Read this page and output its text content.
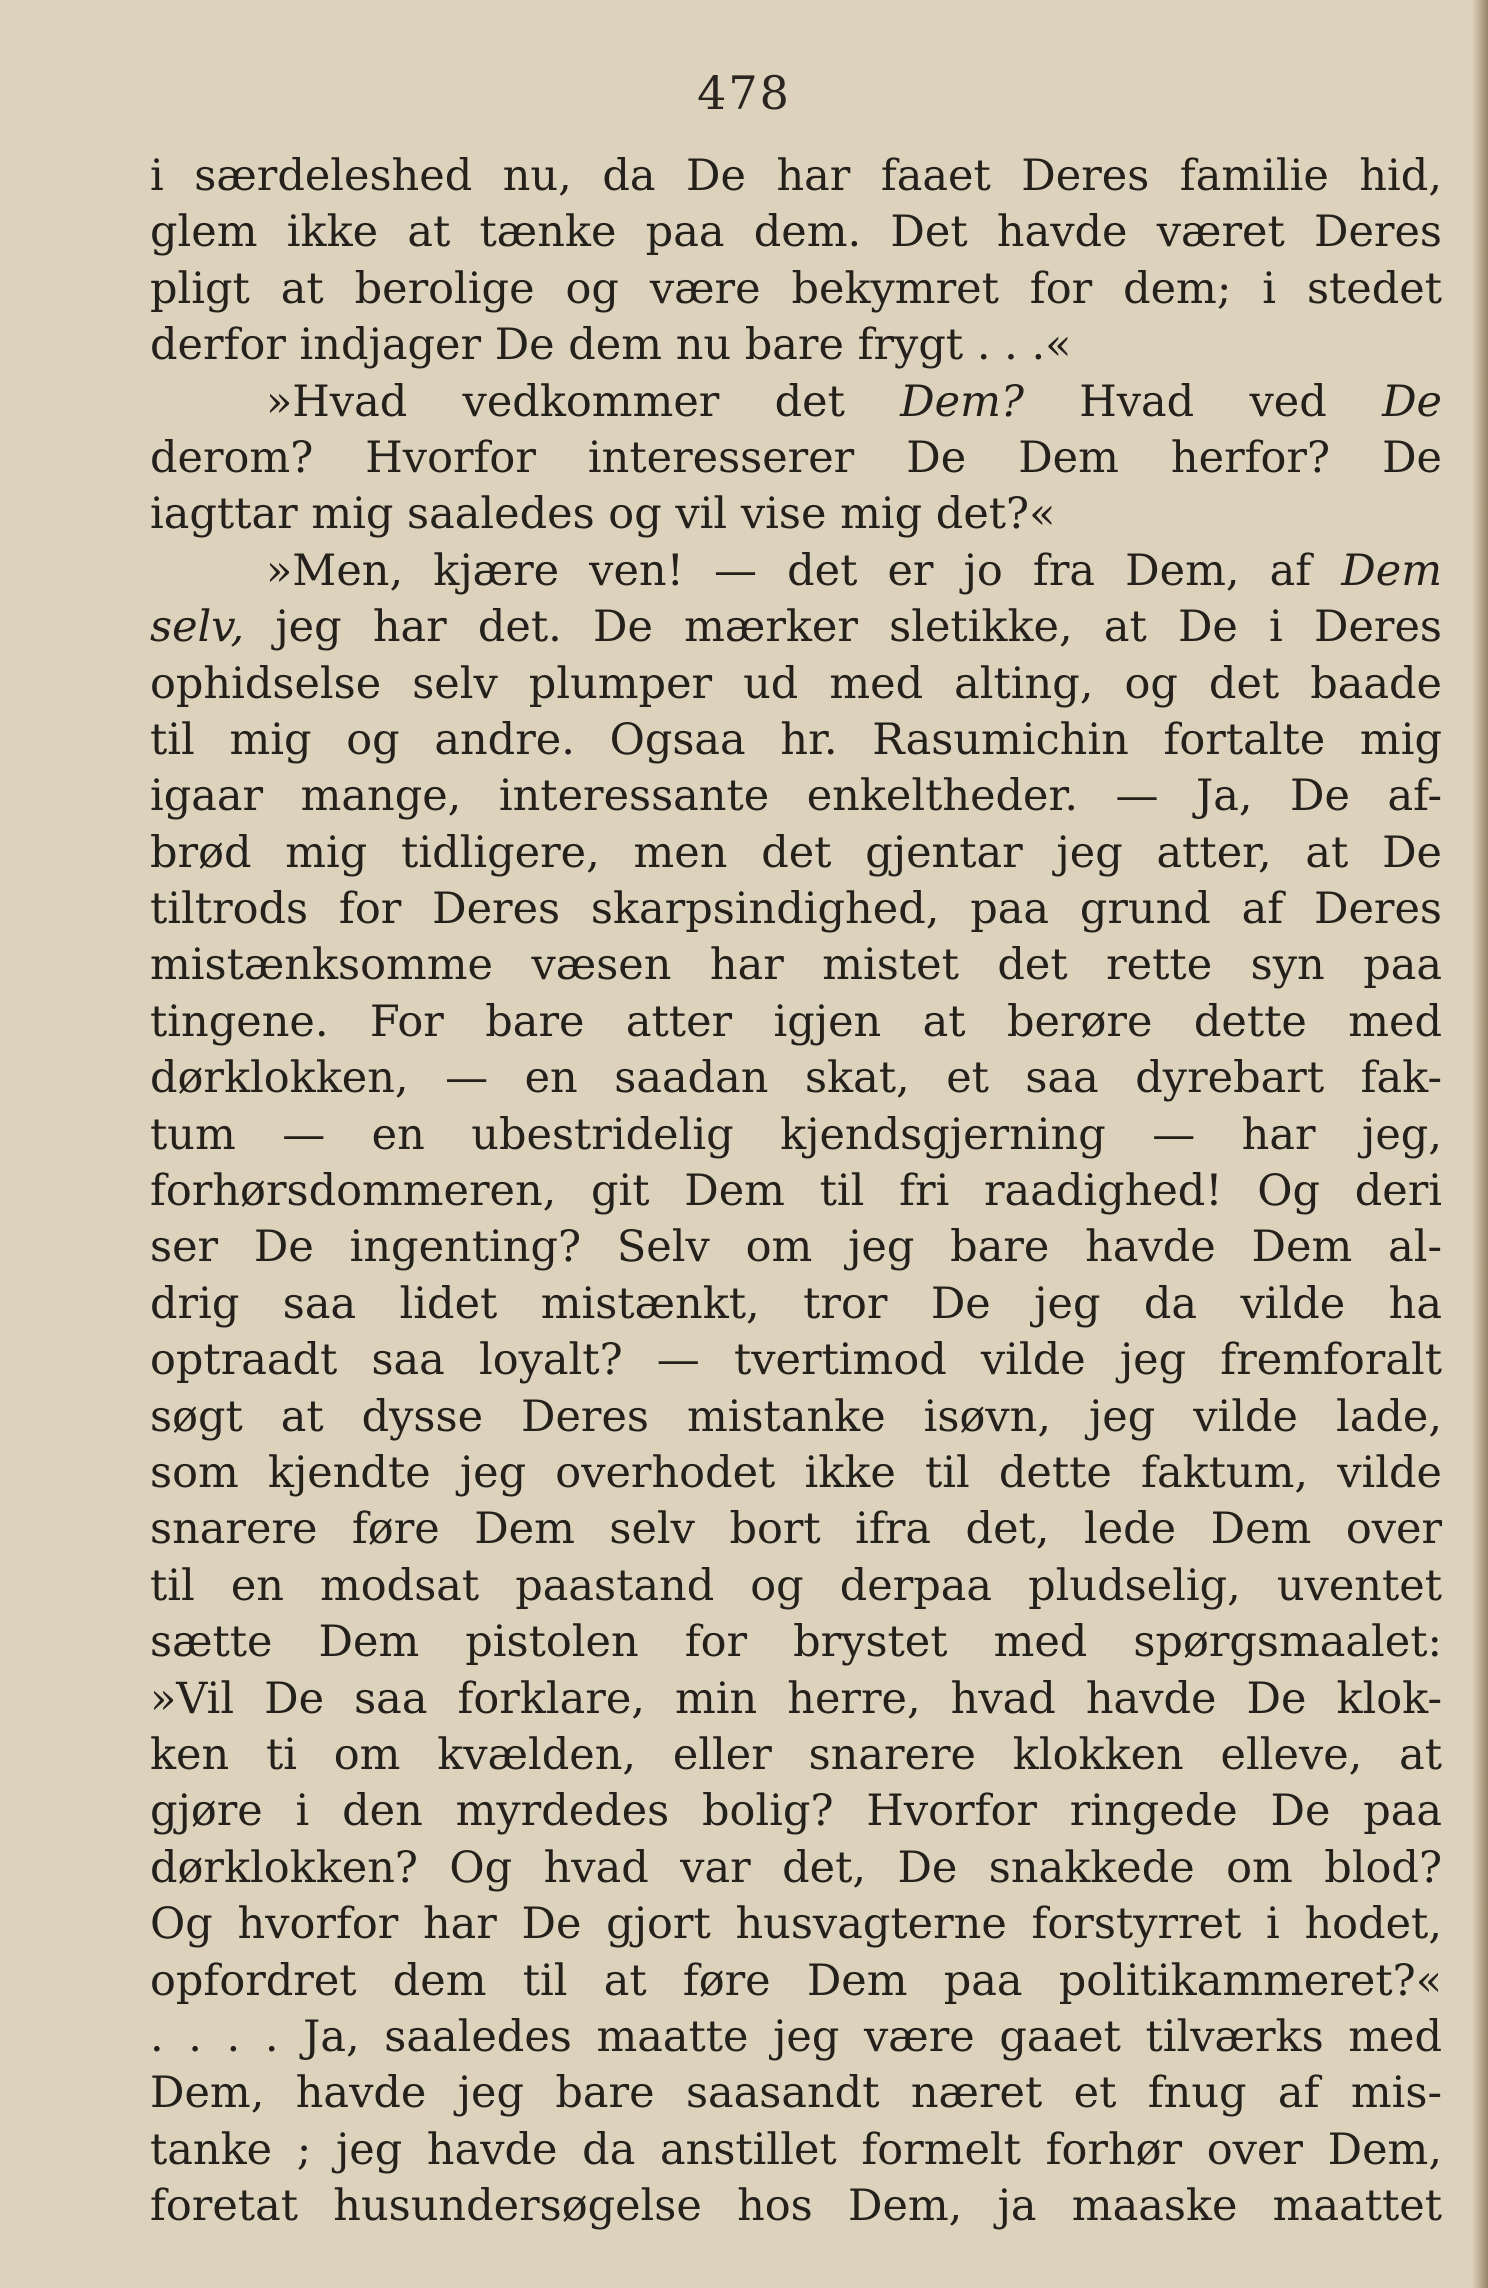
478
i særdeleshed nu, da De har faaet Deres familie hid,
glem ikke at tænke paa dem. Det havde været Deres
pligt at berolige og være bekymret for dem; i stedet
derfor indjager De dem nu bare frygt . . .«
»Hvad vedkommer det Dem? Hvad ved De
derom? Hvorfor interesserer De Dem herfor? De
iagttar mig saaledes og vil vise mig det?«
»Men, kjære ven! — det er jo fra Dem, af Dem
selv, jeg har det. De mærker sletikke, at De i Deres
ophidselse selv plumper ud med alting, og det baade
til mig og andre. Ogsaa hr. Rasumichin fortalte mig
igaar mange, interessante enkeltheder. — Ja, De af-
brød mig tidligere, men det gjentar jeg atter, at De
tiltrods for Deres skarpsindighed, paa grund af Deres
mistænksomme væsen har mistet det rette syn paa
tingene. For bare atter igjen at berøre dette med
dørklokken, — en saadan skat, et saa dyrebart fak-
tum — en ubestridelig kjendsgjerning — har jeg,
forhørsdommeren, git Dem til fri raadighed! Og deri
ser De ingenting? Selv om jeg bare havde Dem al-
drig saa lidet mistænkt, tror De jeg da vilde ha
optraadt saa loyalt? — tvertimod vilde jeg fremforalt
søgt at dysse Deres mistanke isøvn, jeg vilde lade,
som kjendte jeg overhodet ikke til dette faktum, vilde
snarere føre Dem selv bort ifra det, lede Dem over
til en modsat paastand og derpaa pludselig, uventet
sætte Dem pistolen for brystet med spørgsmaalet:
»Vil De saa forklare, min herre, hvad havde De klok-
ken ti om kvælden, eller snarere klokken elleve, at
gjøre i den myrdedes bolig? Hvorfor ringede De paa
dørklokken? Og hvad var det, De snakkede om blod?
Og hvorfor har De gjort husvagterne forstyrret i hodet,
opfordret dem til at føre Dem paa politikammeret?«
. . . . Ja, saaledes maatte jeg være gaaet tilværks med
Dem, havde jeg bare saasandt næret et fnug af mis-
tanke ; jeg havde da anstillet formelt forhør over Dem,
foretat husundersøgelse hos Dem, ja maaske maattet
